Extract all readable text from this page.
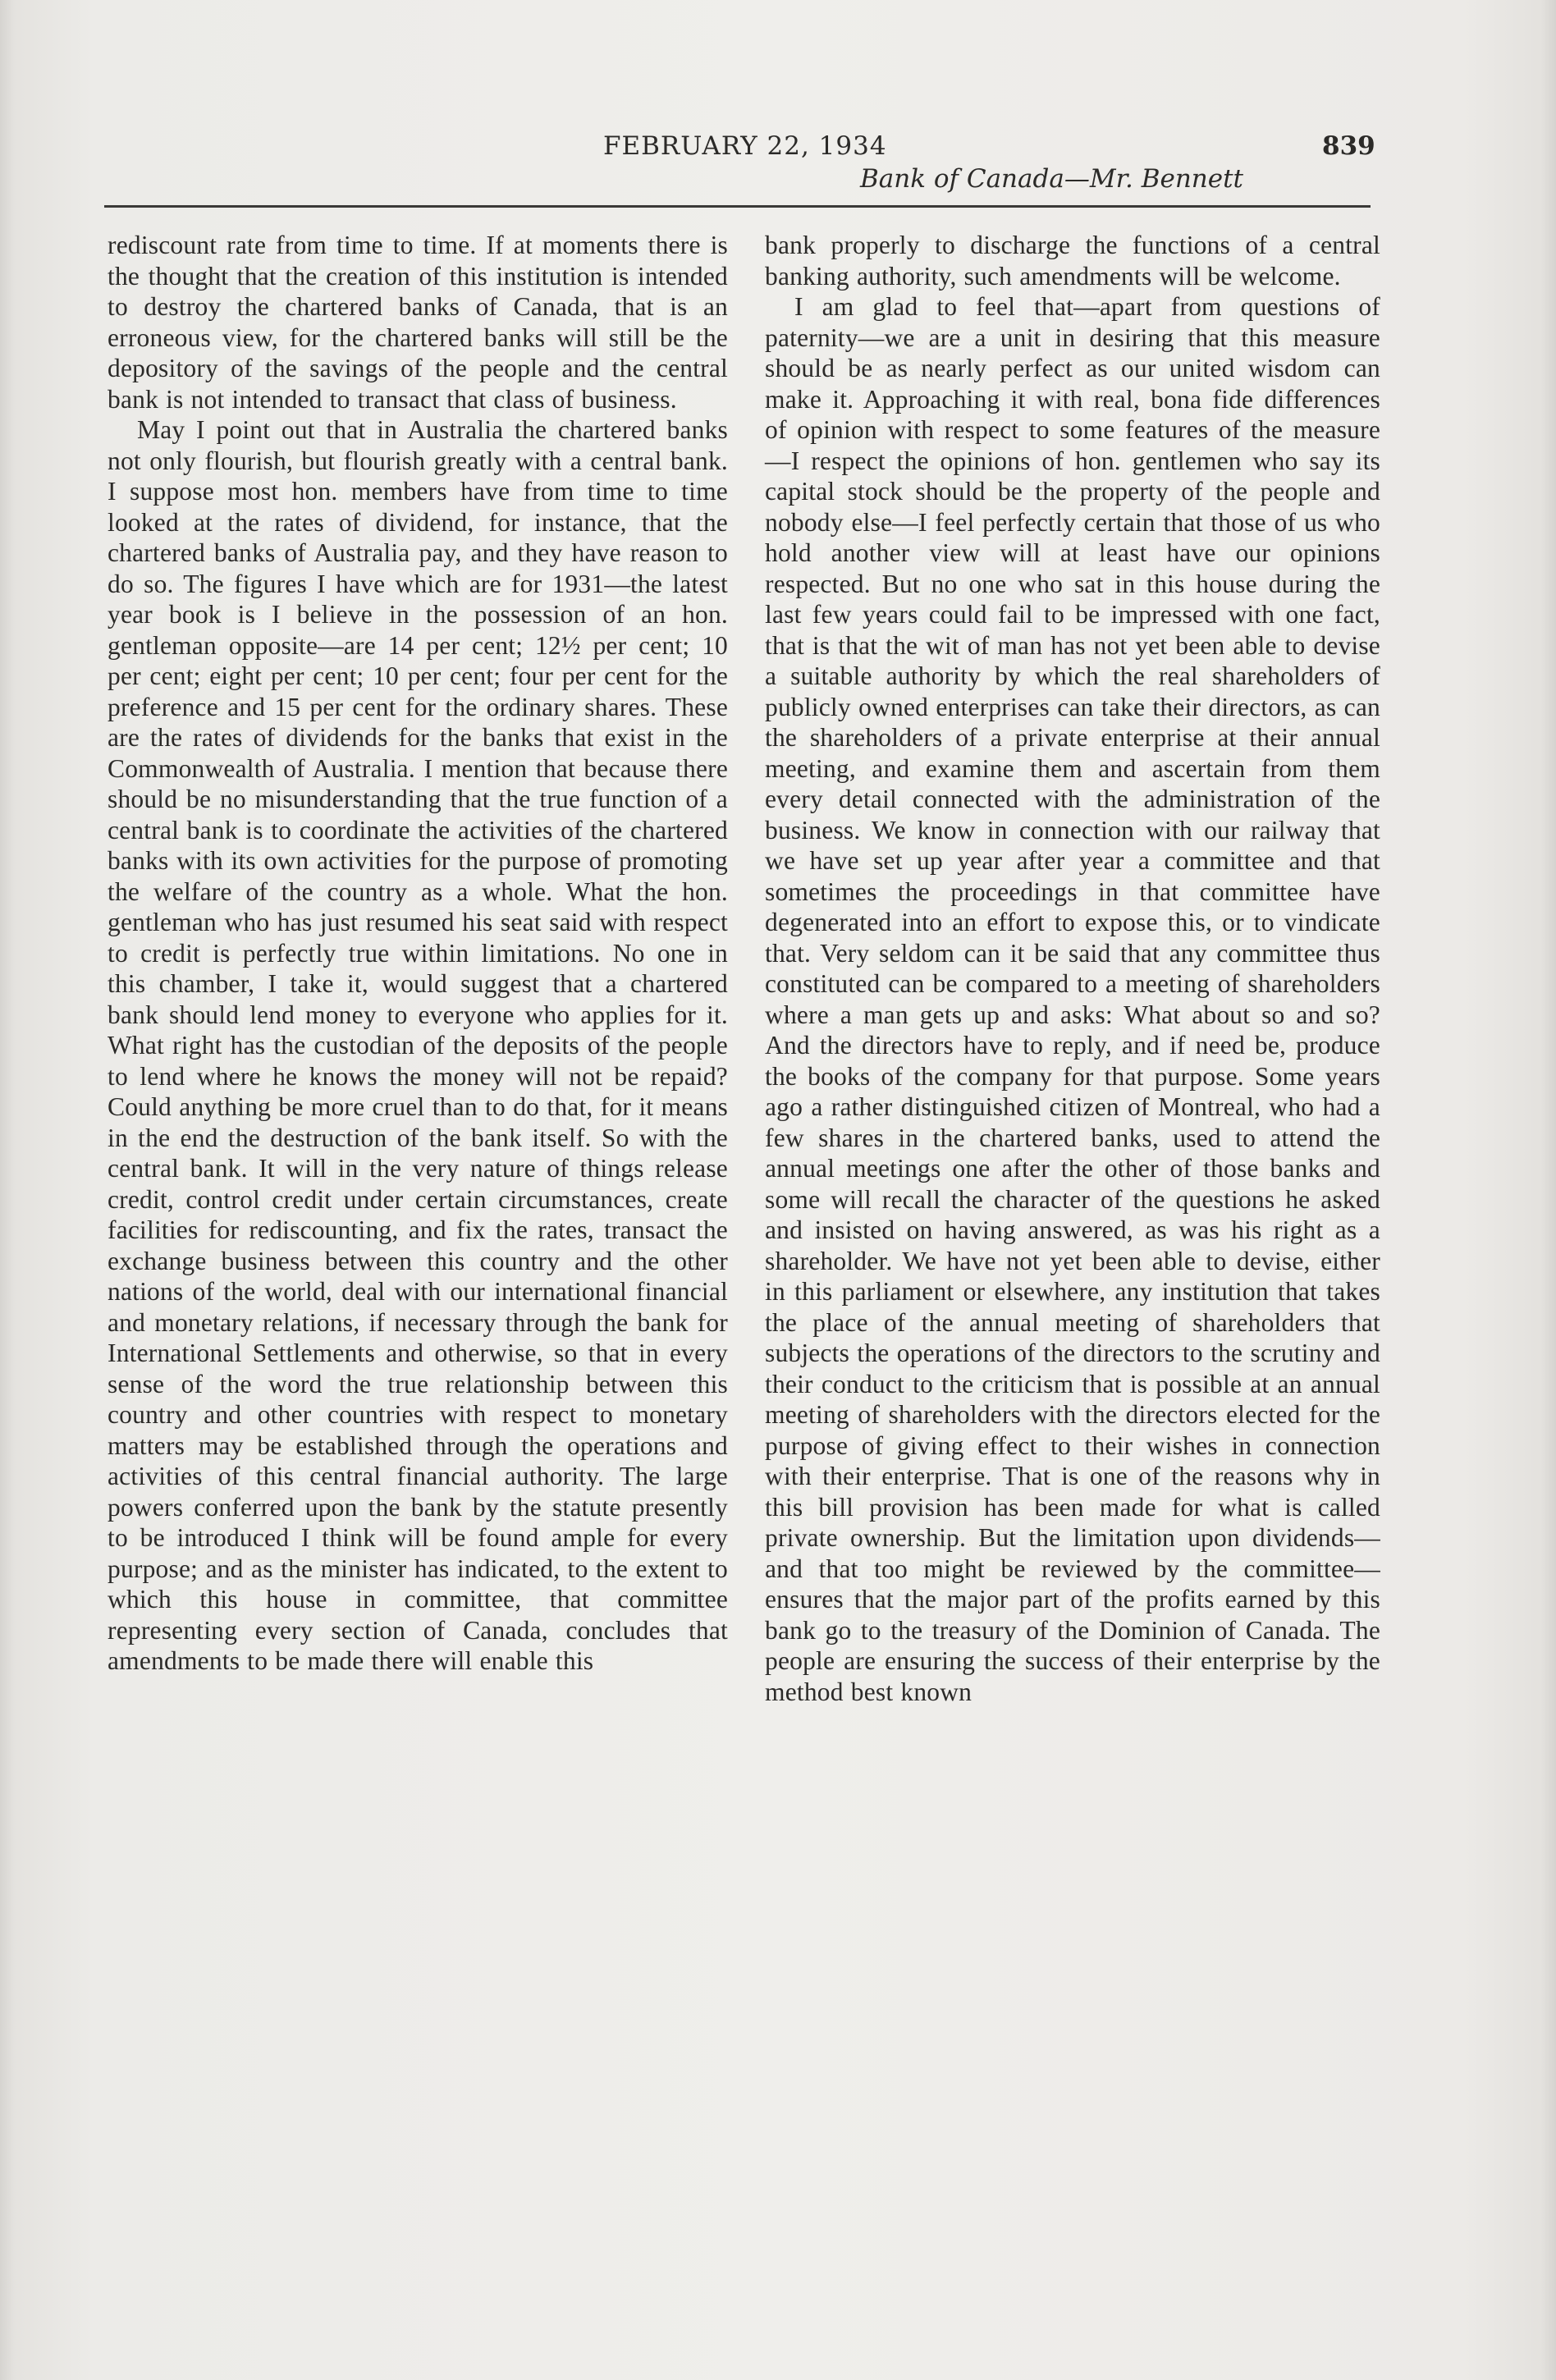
FEBRUARY 22, 1934	839
Bank of Canada—Mr. Bennett

rediscount rate from time to time. If at moments there is the thought that the creation of this institution is intended to destroy the chartered banks of Canada, that is an erroneous view, for the chartered banks will still be the depository of the savings of the people and the central bank is not intended to transact that class of business.

May I point out that in Australia the chartered banks not only flourish, but flourish greatly with a central bank. I suppose most hon. members have from time to time looked at the rates of dividend, for instance, that the chartered banks of Australia pay, and they have reason to do so. The figures I have which are for 1931—the latest year book is I believe in the possession of an hon. gentleman opposite—are 14 per cent; 12½ per cent; 10 per cent; eight per cent; 10 per cent; four per cent for the preference and 15 per cent for the ordinary shares. These are the rates of dividends for the banks that exist in the Commonwealth of Australia. I mention that because there should be no misunderstanding that the true function of a central bank is to coordinate the activities of the chartered banks with its own activities for the purpose of promoting the welfare of the country as a whole. What the hon. gentleman who has just resumed his seat said with respect to credit is perfectly true within limitations. No one in this chamber, I take it, would suggest that a chartered bank should lend money to everyone who applies for it. What right has the custodian of the deposits of the people to lend where he knows the money will not be repaid? Could anything be more cruel than to do that, for it means in the end the destruction of the bank itself. So with the central bank. It will in the very nature of things release credit, control credit under certain circumstances, create facilities for rediscounting, and fix the rates, transact the exchange business between this country and the other nations of the world, deal with our international financial and monetary relations, if necessary through the bank for International Settlements and otherwise, so that in every sense of the word the true relationship between this country and other countries with respect to monetary matters may be established through the operations and activities of this central financial authority. The large powers conferred upon the bank by the statute presently to be introduced I think will be found ample for every purpose; and as the minister has indicated, to the extent to which this house in committee, that committee representing every section of Canada, concludes that amendments to be made there will enable this

bank properly to discharge the functions of a central banking authority, such amendments will be welcome.

I am glad to feel that—apart from questions of paternity—we are a unit in desiring that this measure should be as nearly perfect as our united wisdom can make it. Approaching it with real, bona fide differences of opinion with respect to some features of the measure—I respect the opinions of hon. gentlemen who say its capital stock should be the property of the people and nobody else—I feel perfectly certain that those of us who hold another view will at least have our opinions respected. But no one who sat in this house during the last few years could fail to be impressed with one fact, that is that the wit of man has not yet been able to devise a suitable authority by which the real shareholders of publicly owned enterprises can take their directors, as can the shareholders of a private enterprise at their annual meeting, and examine them and ascertain from them every detail connected with the administration of the business. We know in connection with our railway that we have set up year after year a committee and that sometimes the proceedings in that committee have degenerated into an effort to expose this, or to vindicate that. Very seldom can it be said that any committee thus constituted can be compared to a meeting of shareholders where a man gets up and asks: What about so and so? And the directors have to reply, and if need be, produce the books of the company for that purpose. Some years ago a rather distinguished citizen of Montreal, who had a few shares in the chartered banks, used to attend the annual meetings one after the other of those banks and some will recall the character of the questions he asked and insisted on having answered, as was his right as a shareholder. We have not yet been able to devise, either in this parliament or elsewhere, any institution that takes the place of the annual meeting of shareholders that subjects the operations of the directors to the scrutiny and their conduct to the criticism that is possible at an annual meeting of shareholders with the directors elected for the purpose of giving effect to their wishes in connection with their enterprise. That is one of the reasons why in this bill provision has been made for what is called private ownership. But the limitation upon dividends—and that too might be reviewed by the committee—ensures that the major part of the profits earned by this bank go to the treasury of the Dominion of Canada. The people are ensuring the success of their enterprise by the method best known
